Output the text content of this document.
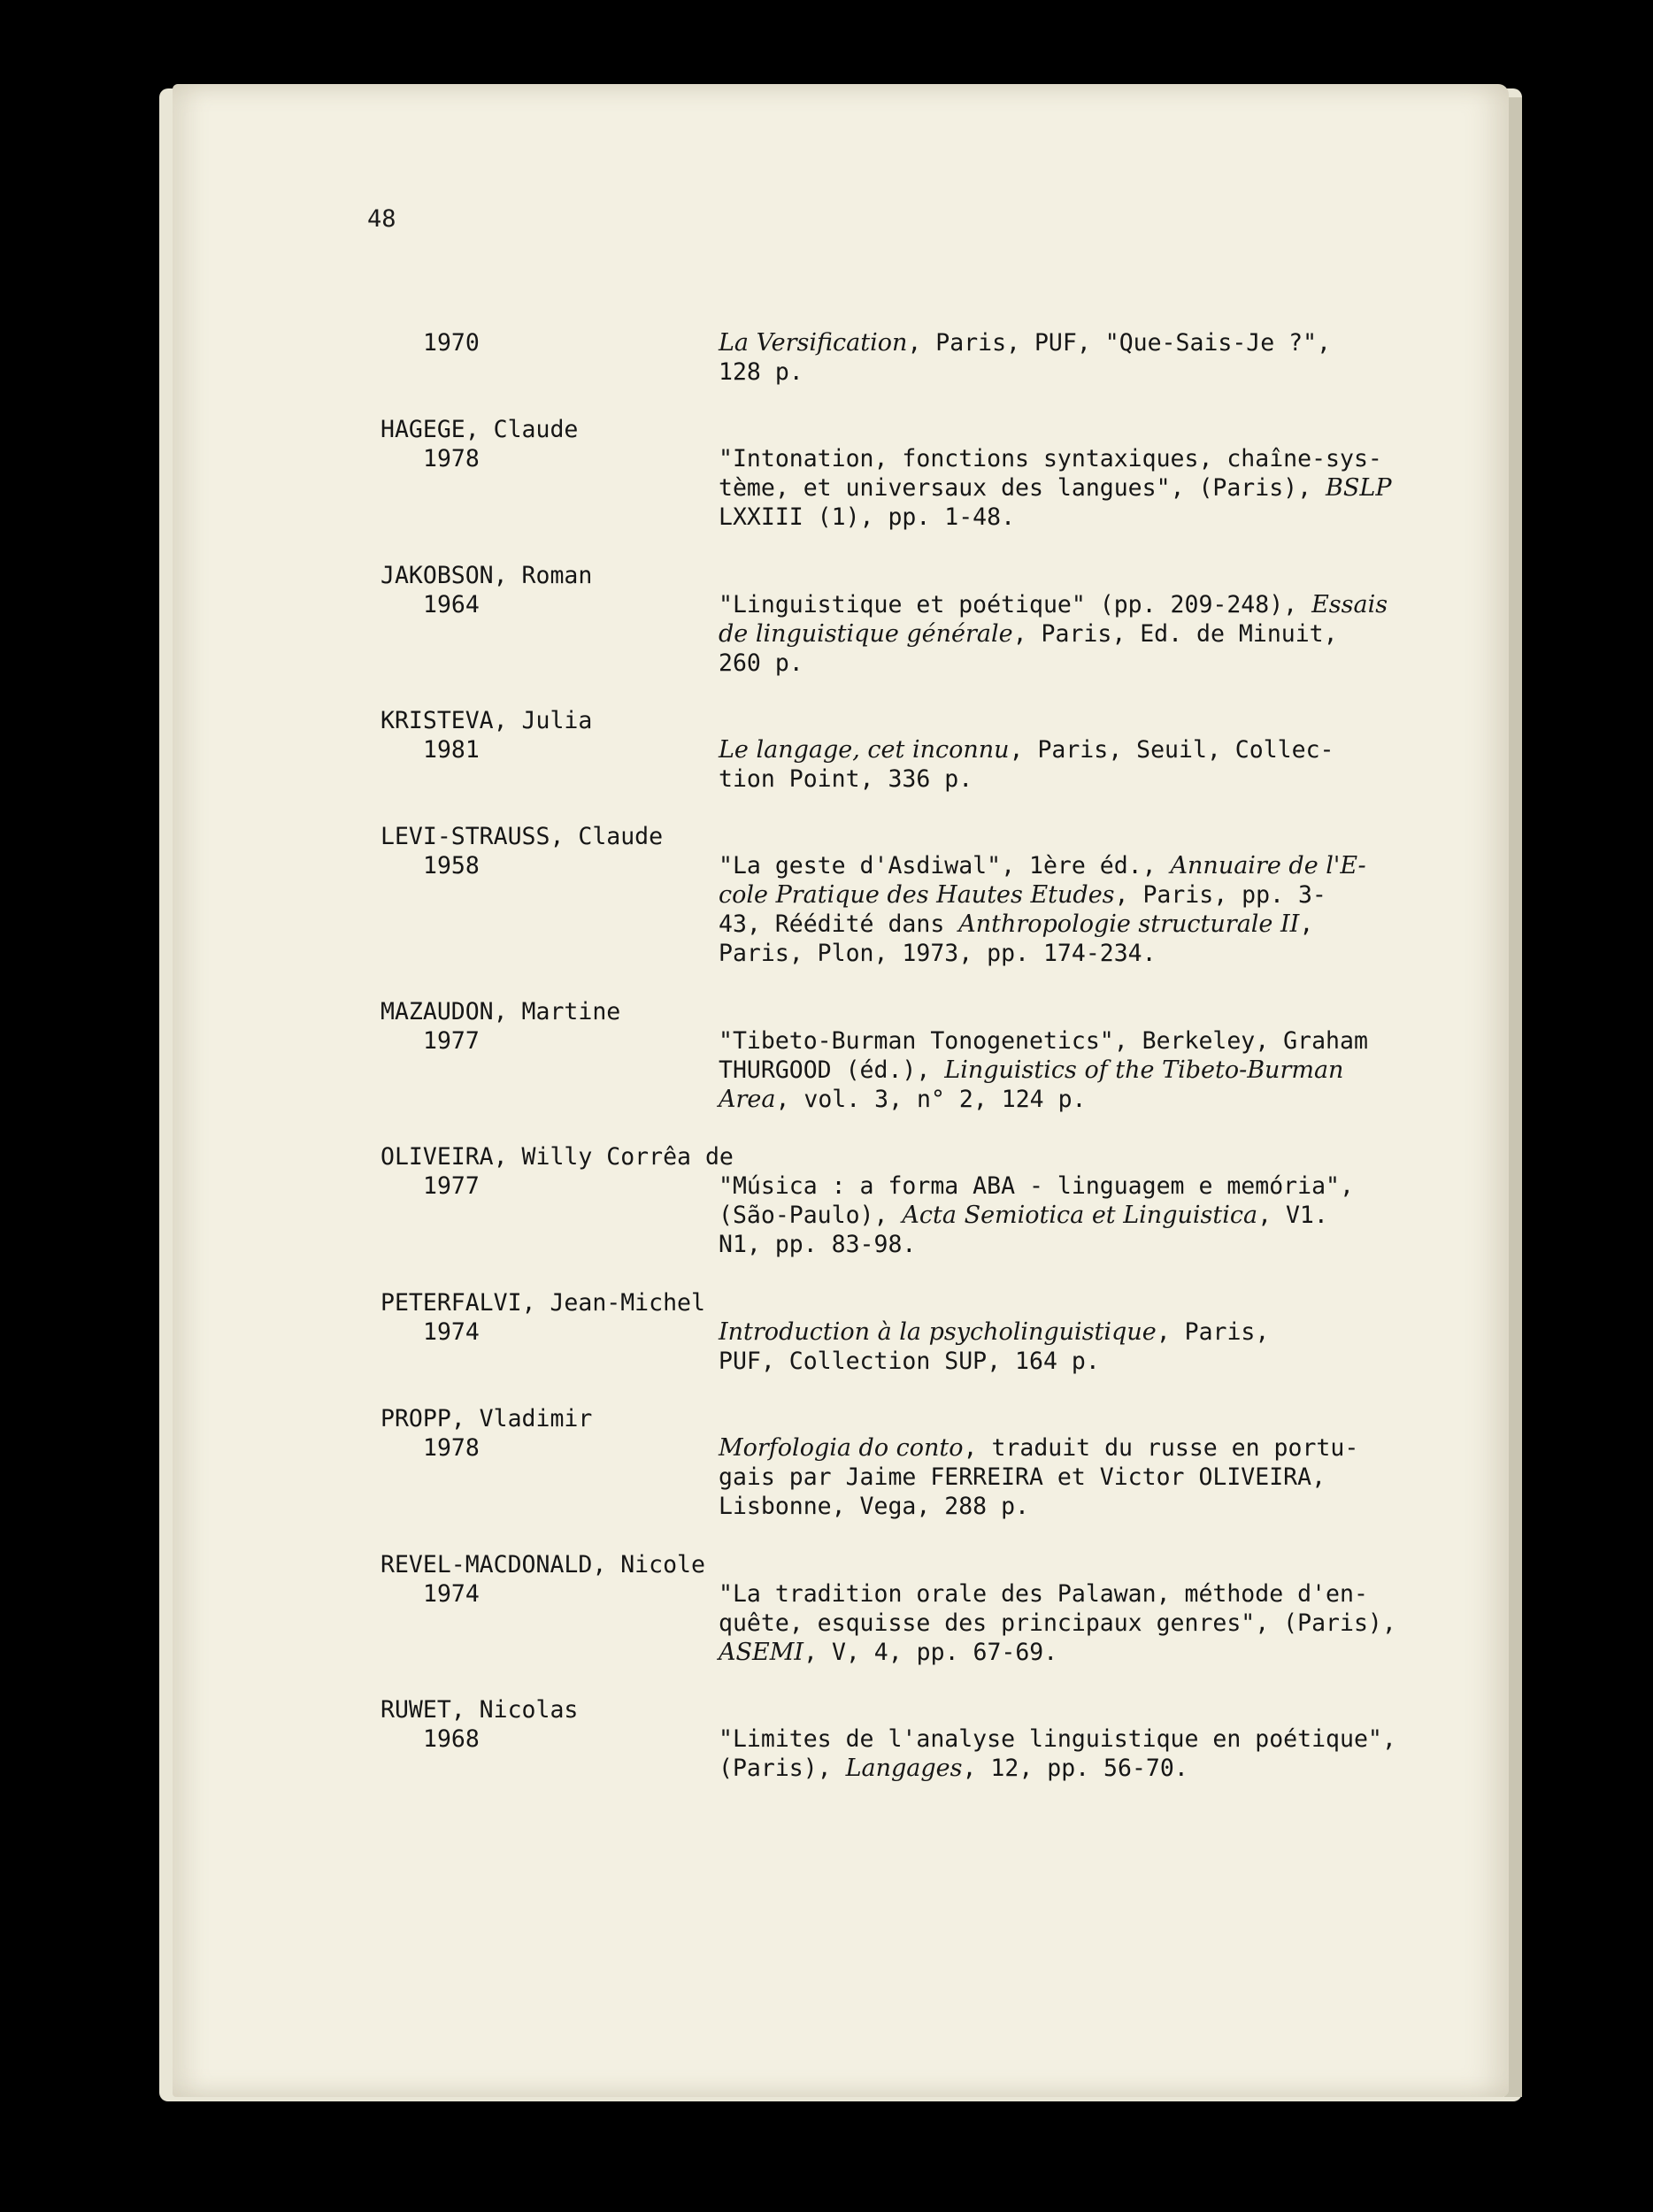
48
1970	La Versification, Paris, PUF, "Que-Sais-Je ?",
128 p.
HAGEGE, Claude
1978	"Intonation, fonctions syntaxiques, chaîne-sys-
tème, et universaux des langues", (Paris), BSLP
LXXIII (1), pp. 1-48.
JAKOBSON, Roman
1964	"Linguistique et poétique" (pp. 209-248), Essais
de linguistique générale, Paris, Ed. de Minuit,
260 p.
KRISTEVA, Julia
1981	Le langage, cet inconnu, Paris, Seuil, Collec-
tion Point, 336 p.
LEVI-STRAUSS, Claude
1958	"La geste d'Asdiwal", 1ère éd., Annuaire de l'E-
cole Pratique des Hautes Etudes, Paris, pp. 3-
43, Réédité dans Anthropologie structurale II,
Paris, Plon, 1973, pp. 174-234.
MAZAUDON, Martine
1977	"Tibeto-Burman Tonogenetics", Berkeley, Graham
THURGOOD (éd.), Linguistics of the Tibeto-Burman
Area, vol. 3, n° 2, 124 p.
OLIVEIRA, Willy Corrêa de
1977	"Música : a forma ABA - linguagem e memória",
(São-Paulo), Acta Semiotica et Linguistica, V1.
N1, pp. 83-98.
PETERFALVI, Jean-Michel
1974	Introduction à la psycholinguistique, Paris,
PUF, Collection SUP, 164 p.
PROPP, Vladimir
1978	Morfologia do conto, traduit du russe en portu-
gais par Jaime FERREIRA et Victor OLIVEIRA,
Lisbonne, Vega, 288 p.
REVEL-MACDONALD, Nicole
1974	"La tradition orale des Palawan, méthode d'en-
quête, esquisse des principaux genres", (Paris),
ASEMI, V, 4, pp. 67-69.
RUWET, Nicolas
1968	"Limites de l'analyse linguistique en poétique",
(Paris), Langages, 12, pp. 56-70.
